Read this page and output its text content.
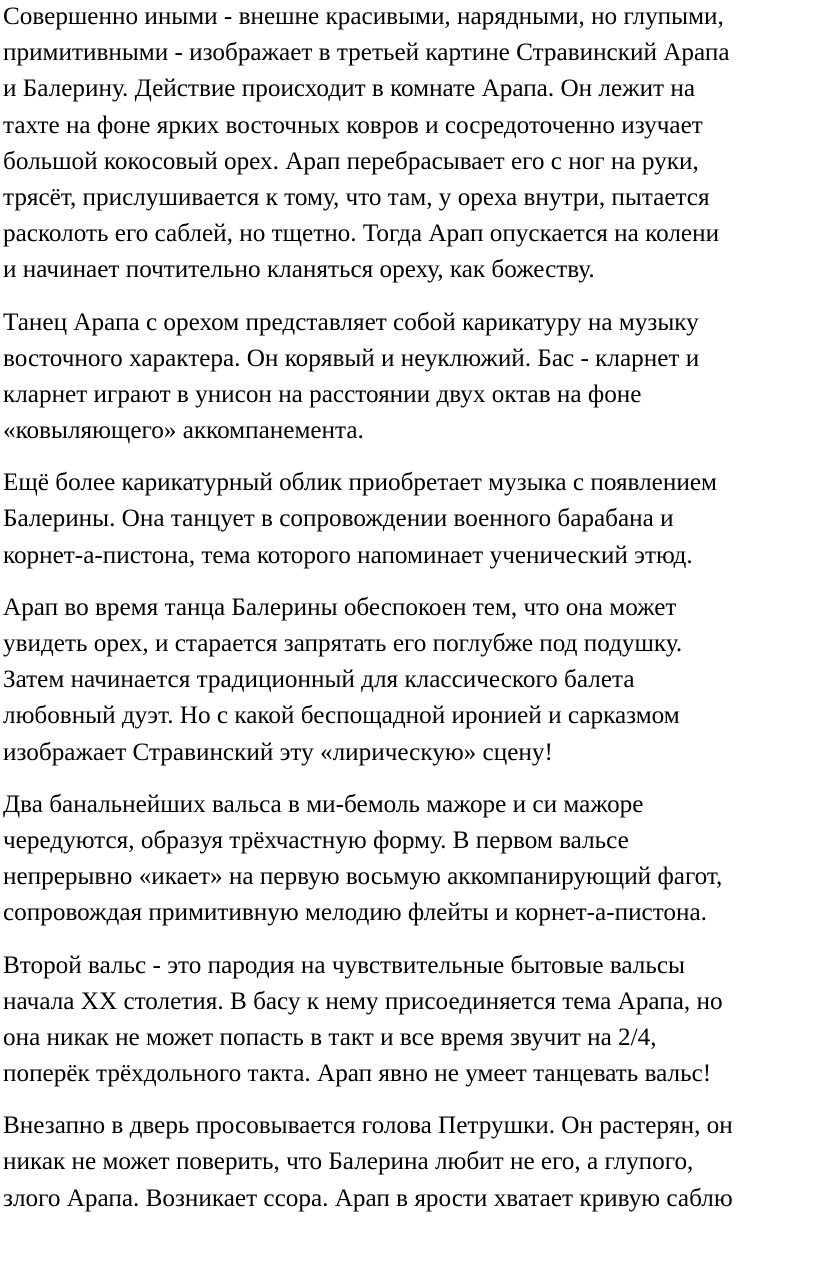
Совершенно иными - внешне красивыми, нарядными, но глупыми,
примитивными - изображает в третьей картине Стравинский Арапа
и Балерину. Действие происходит в комнате Арапа. Он лежит на
тахте на фоне ярких восточных ковров и сосредоточенно изучает
большой кокосовый орех. Арап перебрасывает его с ног на руки,
трясёт, прислушивается к тому, что там, у ореха внутри, пытается
расколоть его саблей, но тщетно. Тогда Арап опускается на колени
и начинает почтительно кланяться ореху, как божеству.

Танец Арапа с орехом представляет собой карикатуру на музыку
восточного характера. Он корявый и неуклюжий. Бас - кларнет и
кларнет играют в унисон на расстоянии двух октав на фоне
«ковыляющего» аккомпанемента.

Ещё более карикатурный облик приобретает музыка с появлением
Балерины. Она танцует в сопровождении военного барабана и
корнет-а-пистона, тема которого напоминает ученический этюд.

Арап во время танца Балерины обеспокоен тем, что она может
увидеть орех, и старается запрятать его поглубже под подушку.
Затем начинается традиционный для классического балета
любовный дуэт. Но с какой беспощадной иронией и сарказмом
изображает Стравинский эту «лирическую» сцену!

Два банальнейших вальса в ми-бемоль мажоре и си мажоре
чередуются, образуя трёхчастную форму. В первом вальсе
непрерывно «икает» на первую восьмую аккомпанирующий фагот,
сопровождая примитивную мелодию флейты и корнет-а-пистона.

Второй вальс - это пародия на чувствительные бытовые вальсы
начала XX столетия. В басу к нему присоединяется тема Арапа, но
она никак не может попасть в такт и все время звучит на 2/4,
поперёк трёхдольного такта. Арап явно не умеет танцевать вальс!

Внезапно в дверь просовывается голова Петрушки. Он растерян, он
никак не может поверить, что Балерина любит не его, а глупого,
злого Арапа. Возникает ссора. Арап в ярости хватает кривую саблю
